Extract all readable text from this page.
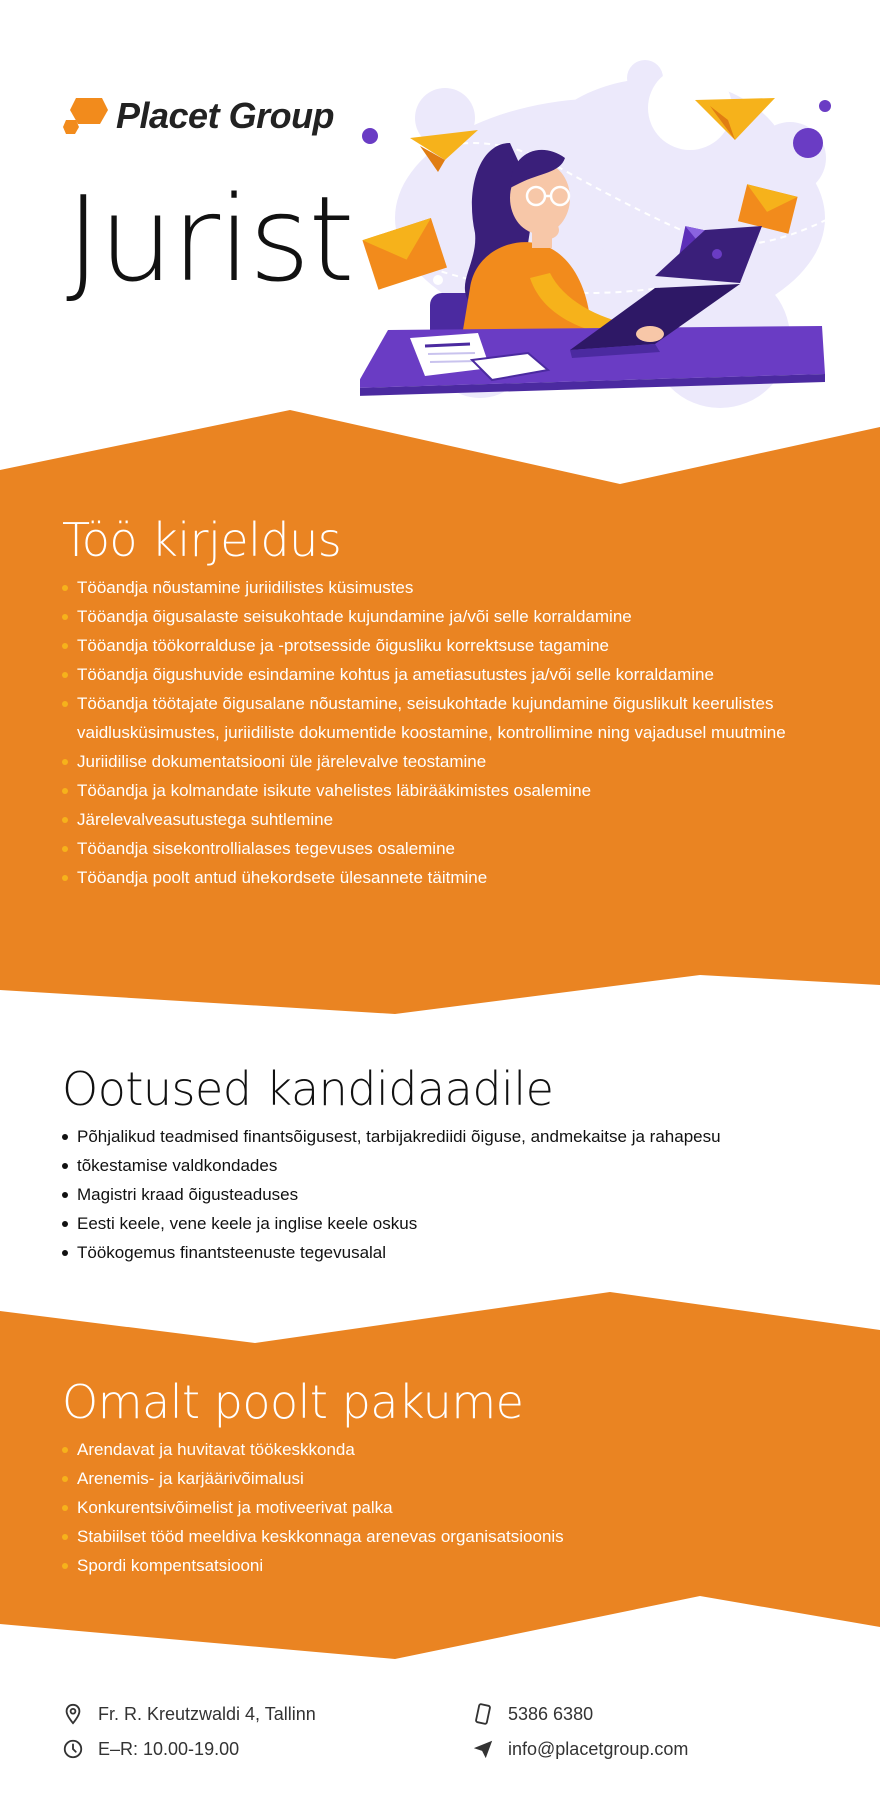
Placet Group
Jurist
Töö kirjeldus
Tööandja nõustamine juriidilistes küsimustes
Tööandja õigusalaste seisukohtade kujundamine ja/või selle korraldamine
Tööandja töökorralduse ja -protsesside õigusliku korrektsuse tagamine
Tööandja õigushuvide esindamine kohtus ja ametiasutustes ja/või selle korraldamine
Tööandja töötajate õigusalane nõustamine, seisukohtade kujundamine õiguslikult keerulistes vaidlusküsimustes, juriidiliste dokumentide koostamine, kontrollimine ning vajadusel muutmine
Juriidilise dokumentatsiooni üle järelevalve teostamine
Tööandja ja kolmandate isikute vahelistes läbirääkimistes osalemine
Järelevalveasutustega suhtlemine
Tööandja sisekontrollialases tegevuses osalemine
Tööandja poolt antud ühekordsete ülesannete täitmine
Ootused kandidaadile
Põhjalikud teadmised finantsõigusest, tarbijakrediidi õiguse, andmekaitse ja rahapesu
tõkestamise valdkondades
Magistri kraad õigusteaduses
Eesti keele, vene keele ja inglise keele oskus
Töökogemus finantsteenuste tegevusalal
Omalt poolt pakume
Arendavat ja huvitavat töökeskkonda
Arenemis- ja karjäärivõimalusi
Konkurentsivõimelist ja motiveerivat palka
Stabiilset tööd meeldiva keskkonnaga arenevas organisatsioonis
Spordi kompentsatsiooni
Fr. R. Kreutzwaldi 4, Tallinn
E–R: 10.00-19.00
5386 6380
info@placetgroup.com
